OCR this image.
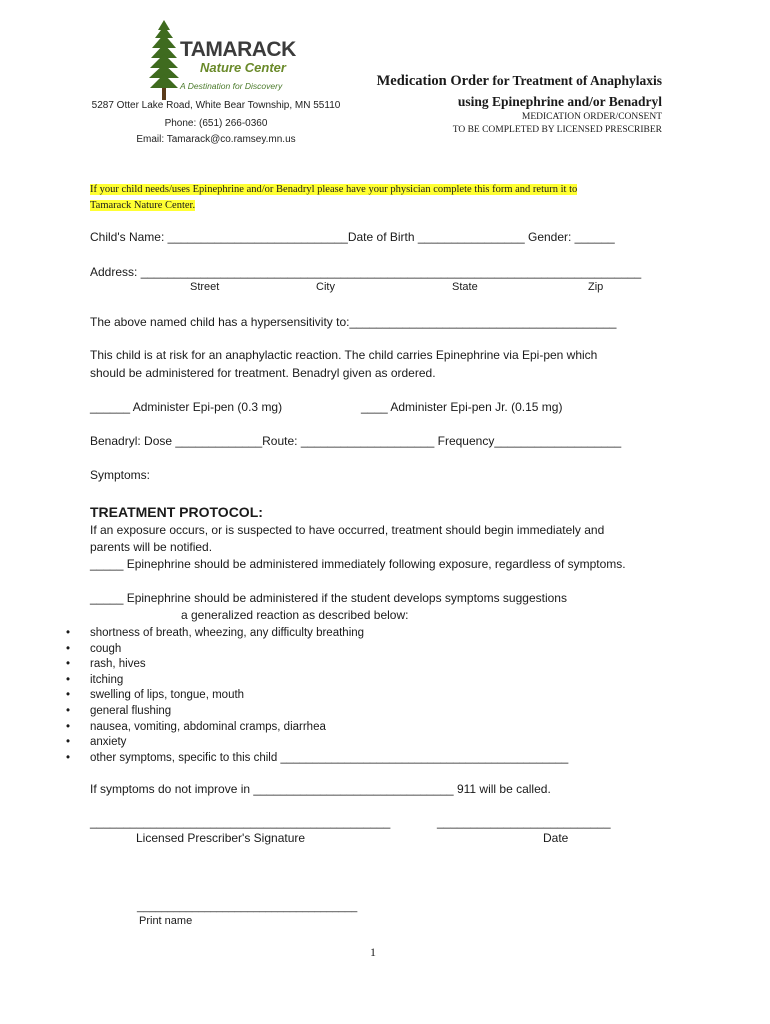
TAMARACK
Nature Center
A Destination for Discovery
5287 Otter Lake Road, White Bear Township, MN 55110
Phone: (651) 266-0360
Email: Tamarack@co.ramsey.mn.us
Medication Order for Treatment of Anaphylaxis
using Epinephrine and/or Benadryl
MEDICATION ORDER/CONSENT
TO BE COMPLETED BY LICENSED PRESCRIBER
If your child needs/uses Epinephrine and/or Benadryl please have your physician complete this form and return it to
Tamarack Nature Center.
Child's Name: ___________________________Date of Birth ________________ Gender: ______
Address: ___________________________________________________________________________
Street	City	State	Zip
The above named child has a hypersensitivity to:________________________________________
This child is at risk for an anaphylactic reaction. The child carries Epinephrine via Epi-pen which
should be administered for treatment. Benadryl given as ordered.
______ Administer Epi-pen (0.3 mg)	____ Administer Epi-pen Jr. (0.15 mg)
Benadryl: Dose _____________Route: ____________________ Frequency___________________
Symptoms:
TREATMENT PROTOCOL:
If an exposure occurs, or is suspected to have occurred, treatment should begin immediately and
parents will be notified.
_____ Epinephrine should be administered immediately following exposure, regardless of symptoms.
_____ Epinephrine should be administered if the student develops symptoms suggestions
a generalized reaction as described below:
• shortness of breath, wheezing, any difficulty breathing
• cough
• rash, hives
• itching
• swelling of lips, tongue, mouth
• general flushing
• nausea, vomiting, abdominal cramps, diarrhea
• anxiety
• other symptoms, specific to this child _____________________________________________
If symptoms do not improve in ______________________________ 911 will be called.
_____________________________________________	__________________________
Licensed Prescriber's Signature	Date
____________________________________
Print name
1
